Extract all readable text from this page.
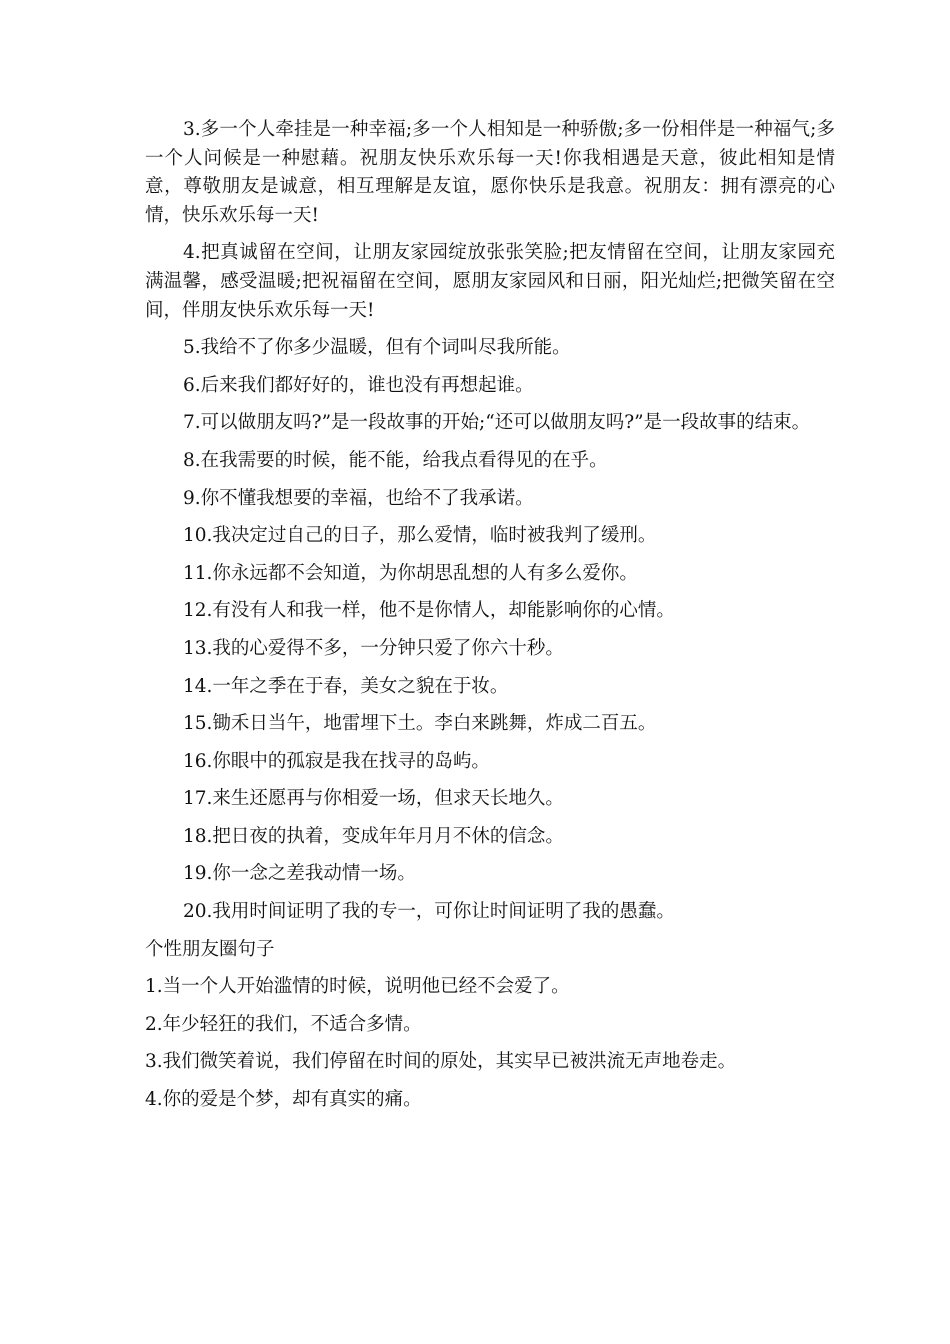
3.多一个人牵挂是一种幸福;多一个人相知是一种骄傲;多一份相伴是一种福气;多一个人问候是一种慰藉。祝朋友快乐欢乐每一天!你我相遇是天意，彼此相知是情意，尊敬朋友是诚意，相互理解是友谊，愿你快乐是我意。祝朋友：拥有漂亮的心情，快乐欢乐每一天!

4.把真诚留在空间，让朋友家园绽放张张笑脸;把友情留在空间，让朋友家园充满温馨，感受温暖;把祝福留在空间，愿朋友家园风和日丽，阳光灿烂;把微笑留在空间，伴朋友快乐欢乐每一天!

5.我给不了你多少温暖，但有个词叫尽我所能。

6.后来我们都好好的，谁也没有再想起谁。

7.可以做朋友吗?”是一段故事的开始;“还可以做朋友吗?”是一段故事的结束。

8.在我需要的时候，能不能，给我点看得见的在乎。

9.你不懂我想要的幸福，也给不了我承诺。

10.我决定过自己的日子，那么爱情，临时被我判了缓刑。

11.你永远都不会知道，为你胡思乱想的人有多么爱你。

12.有没有人和我一样，他不是你情人，却能影响你的心情。

13.我的心爱得不多，一分钟只爱了你六十秒。

14.一年之季在于春，美女之貌在于妆。

15.锄禾日当午，地雷埋下土。李白来跳舞，炸成二百五。

16.你眼中的孤寂是我在找寻的岛屿。

17.来生还愿再与你相爱一场，但求天长地久。

18.把日夜的执着，变成年年月月不休的信念。

19.你一念之差我动情一场。

20.我用时间证明了我的专一，可你让时间证明了我的愚蠢。

个性朋友圈句子

1.当一个人开始滥情的时候，说明他已经不会爱了。

2.年少轻狂的我们，不适合多情。

3.我们微笑着说，我们停留在时间的原处，其实早已被洪流无声地卷走。

4.你的爱是个梦，却有真实的痛。
